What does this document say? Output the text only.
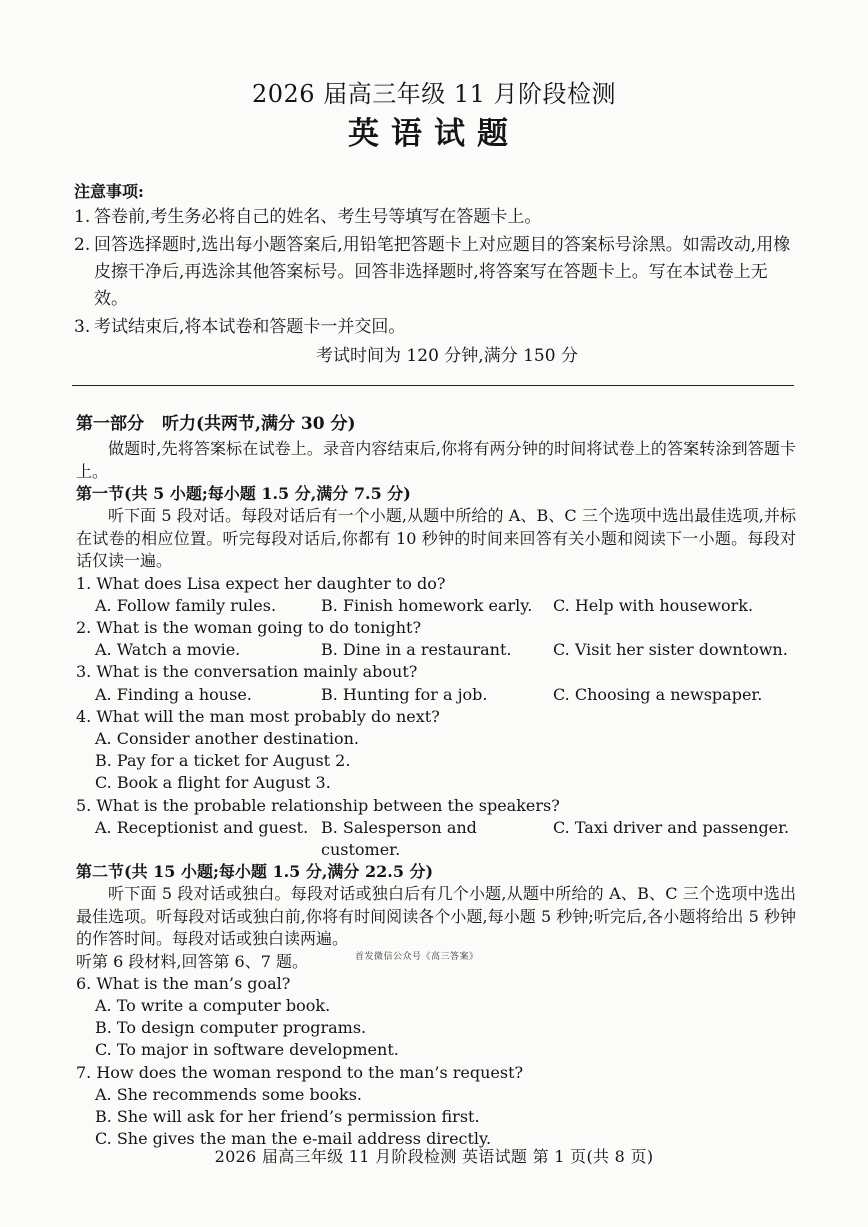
2026 届高三年级 11 月阶段检测
英语试题
注意事项:
1. 答卷前,考生务必将自己的姓名、考生号等填写在答题卡上。
2. 回答选择题时,选出每小题答案后,用铅笔把答题卡上对应题目的答案标号涂黑。如需改动,用橡皮擦干净后,再选涂其他答案标号。回答非选择题时,将答案写在答题卡上。写在本试卷上无效。
3. 考试结束后,将本试卷和答题卡一并交回。
考试时间为 120 分钟,满分 150 分
第一部分 听力(共两节,满分 30 分)
做题时,先将答案标在试卷上。录音内容结束后,你将有两分钟的时间将试卷上的答案转涂到答题卡上。
第一节(共 5 小题;每小题 1.5 分,满分 7.5 分)
听下面 5 段对话。每段对话后有一个小题,从题中所给的 A、B、C 三个选项中选出最佳选项,并标在试卷的相应位置。听完每段对话后,你都有 10 秒钟的时间来回答有关小题和阅读下一小题。每段对话仅读一遍。
1. What does Lisa expect her daughter to do?
A. Follow family rules.	B. Finish homework early.	C. Help with housework.
2. What is the woman going to do tonight?
A. Watch a movie.	B. Dine in a restaurant.	C. Visit her sister downtown.
3. What is the conversation mainly about?
A. Finding a house.	B. Hunting for a job.	C. Choosing a newspaper.
4. What will the man most probably do next?
A. Consider another destination.
B. Pay for a ticket for August 2.
C. Book a flight for August 3.
5. What is the probable relationship between the speakers?
A. Receptionist and guest. B. Salesperson and customer.
C. Taxi driver and passenger.
第二节(共 15 小题;每小题 1.5 分,满分 22.5 分)
听下面 5 段对话或独白。每段对话或独白后有几个小题,从题中所给的 A、B、C 三个选项中选出最佳选项。听每段对话或独白前,你将有时间阅读各个小题,每小题 5 秒钟;听完后,各小题将给出 5 秒钟的作答时间。每段对话或独白读两遍。
听第 6 段材料,回答第 6、7 题。
6. What is the man’s goal?
A. To write a computer book.
B. To design computer programs.
C. To major in software development.
7. How does the woman respond to the man’s request?
A. She recommends some books.
B. She will ask for her friend’s permission first.
C. She gives the man the e-mail address directly.
首发微信公众号《高三答案》
2026 届高三年级 11 月阶段检测 英语试题 第 1 页(共 8 页)
